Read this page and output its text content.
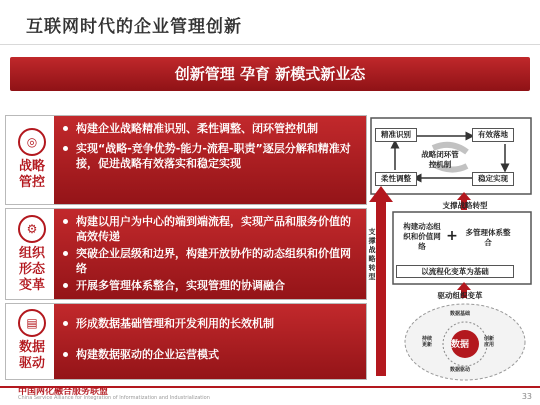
互联网时代的企业管理创新
创新管理 孕育 新模式新业态
◎
战略
管控
构建企业战略精准识别、柔性调整、闭环管控机制
实现“战略-竞争优势-能力-流程-职责”逐层分解和精准对接，促进战略有效落实和稳定实现
⚙
组织
形态
变革
构建以用户为中心的端到端流程，实现产品和服务价值的高效传递
突破企业层级和边界，构建开放协作的动态组织和价值网络
开展多管理体系整合，实现管理的协调融合
▤
数据
驱动
形成数据基础管理和开发利用的长效机制
构建数据驱动的企业运营模式
精准识别	有效落地
战略闭环管控机制
柔性调整	稳定实现
支撑战略转型
构建动态组织和价值网络
+	多管理体系整合
以流程化变革为基础
驱动组织变革
数据
数据基础
创新应用
数据驱动
持续更新
支撑战略转型
中国两化融合服务联盟
China Service Alliance for Integration of Informatization and Industrialization	33
